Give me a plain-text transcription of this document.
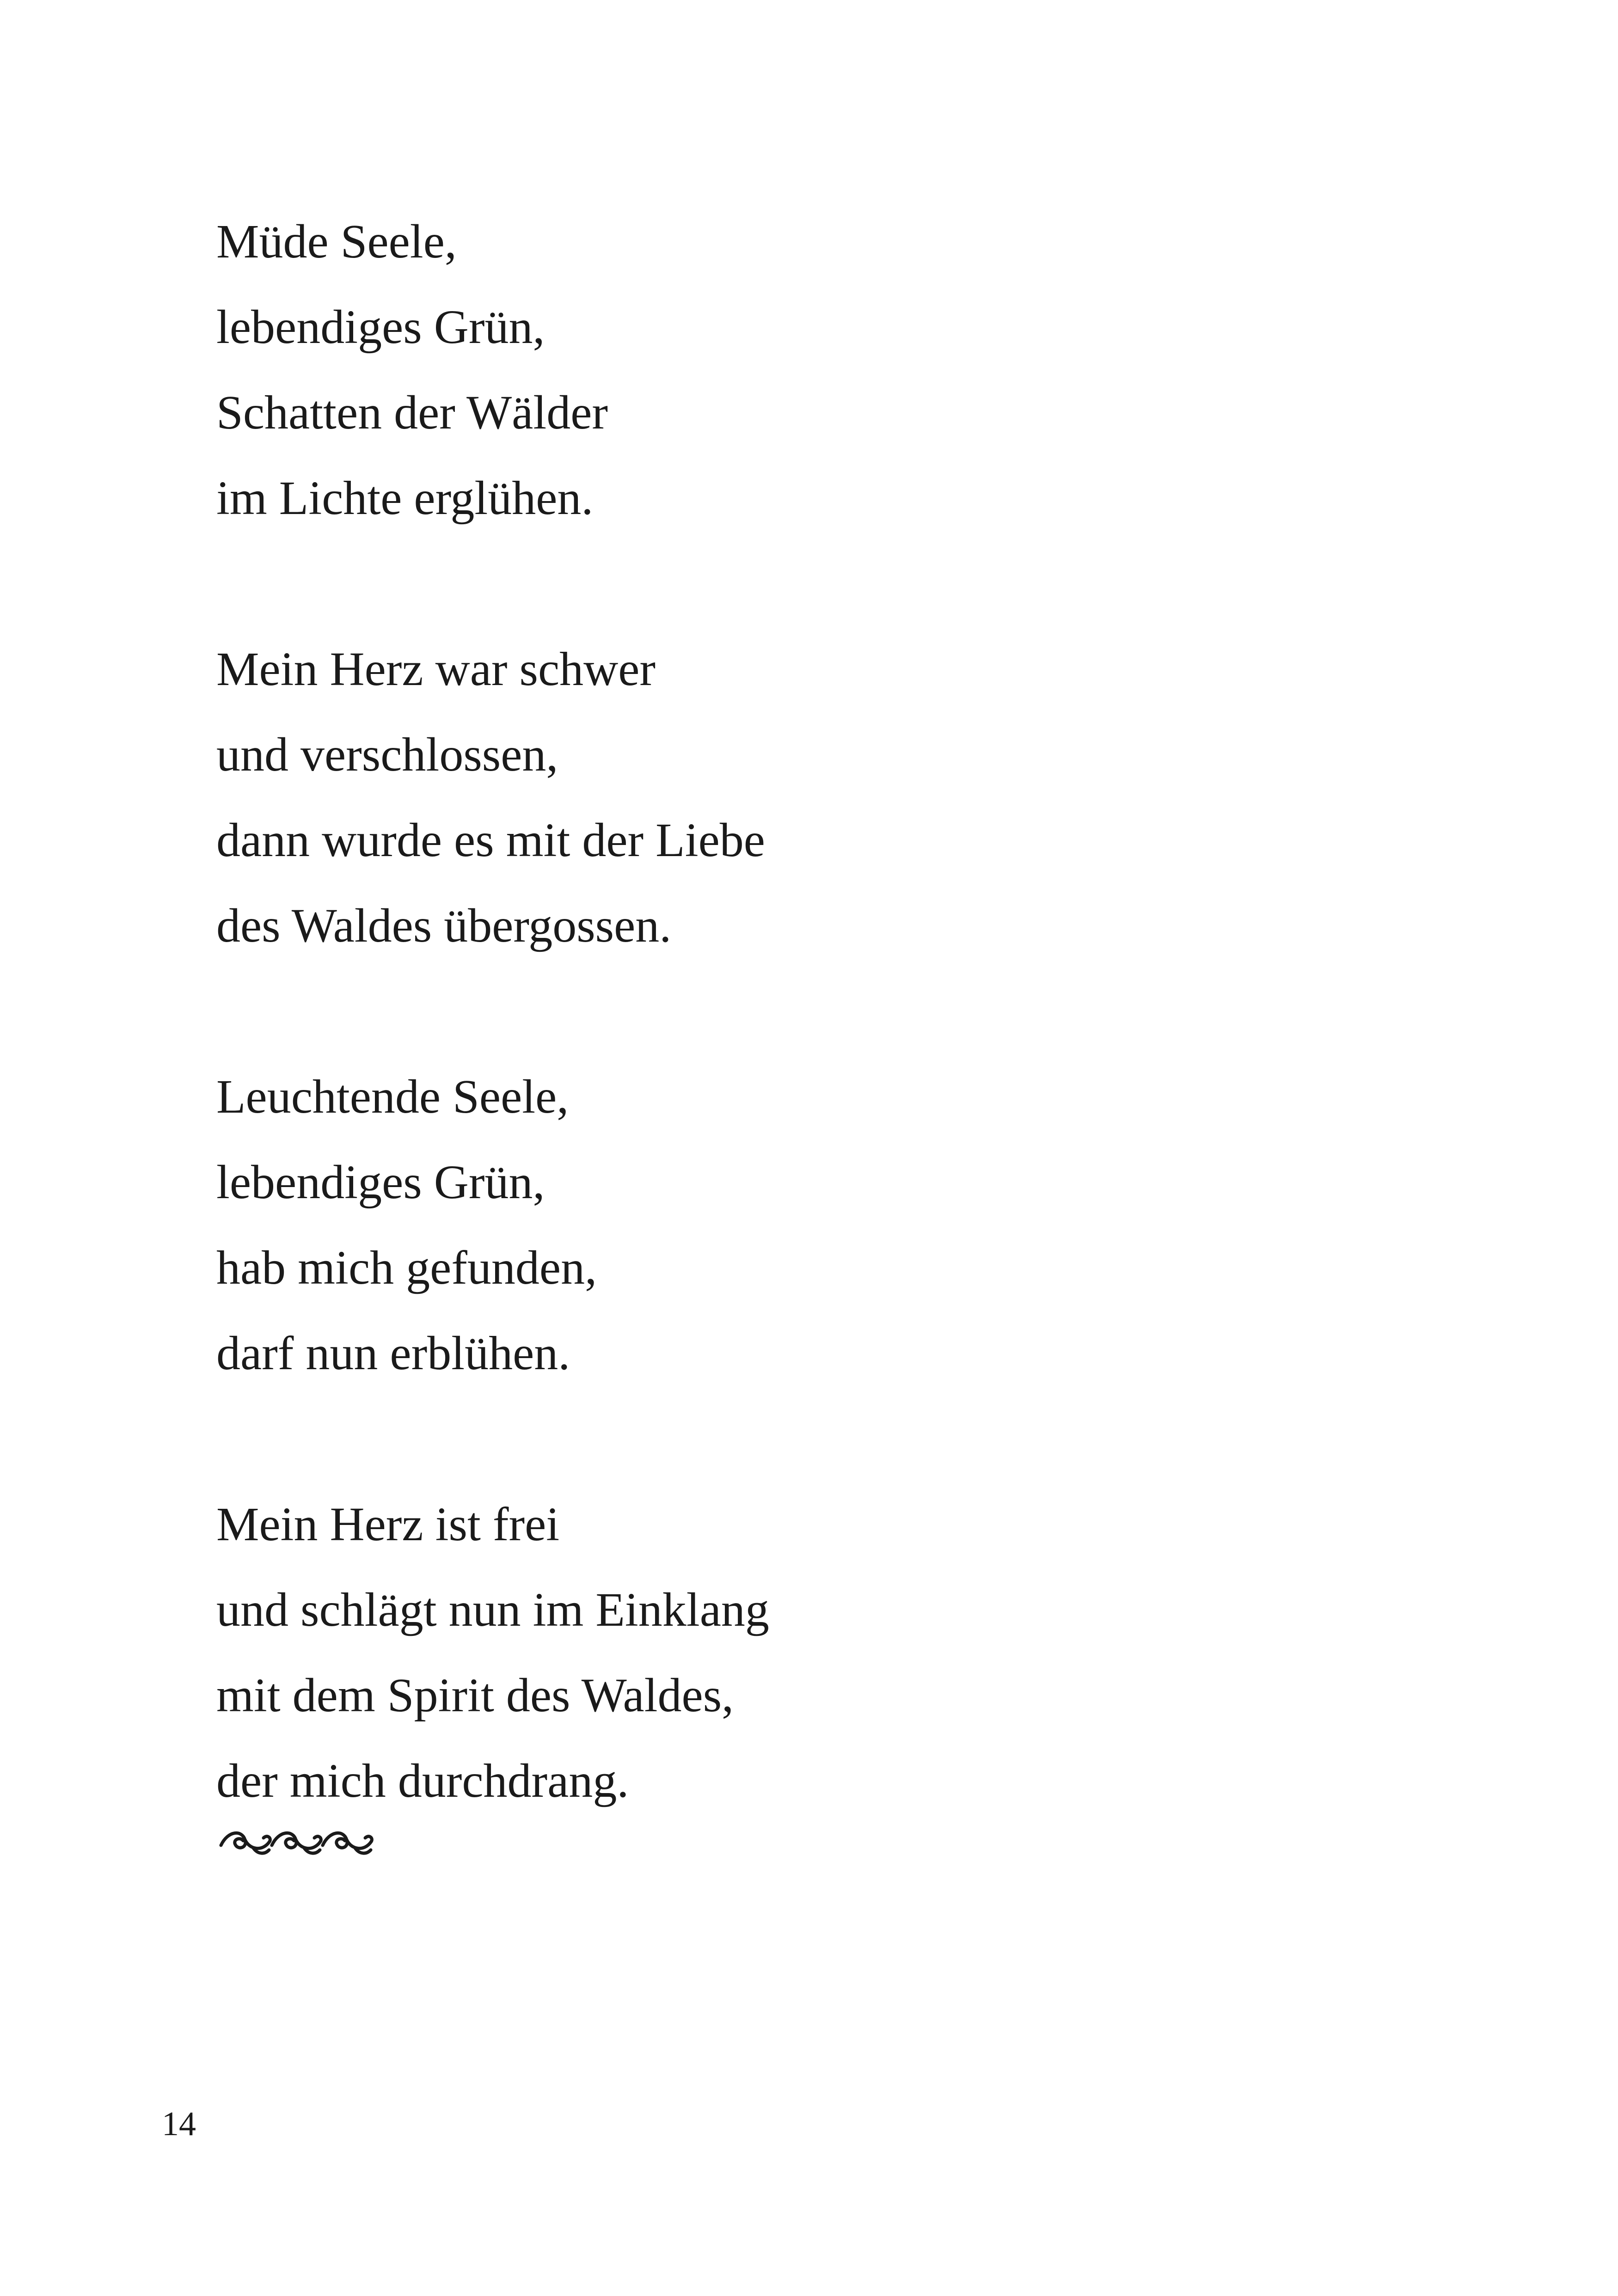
Müde Seele,
lebendiges Grün,
Schatten der Wälder
im Lichte erglühen.
Mein Herz war schwer
und verschlossen,
dann wurde es mit der Liebe
des Waldes übergossen.
Leuchtende Seele,
lebendiges Grün,
hab mich gefunden,
darf nun erblühen.
Mein Herz ist frei
und schlägt nun im Einklang
mit dem Spirit des Waldes,
der mich durchdrang.
14
